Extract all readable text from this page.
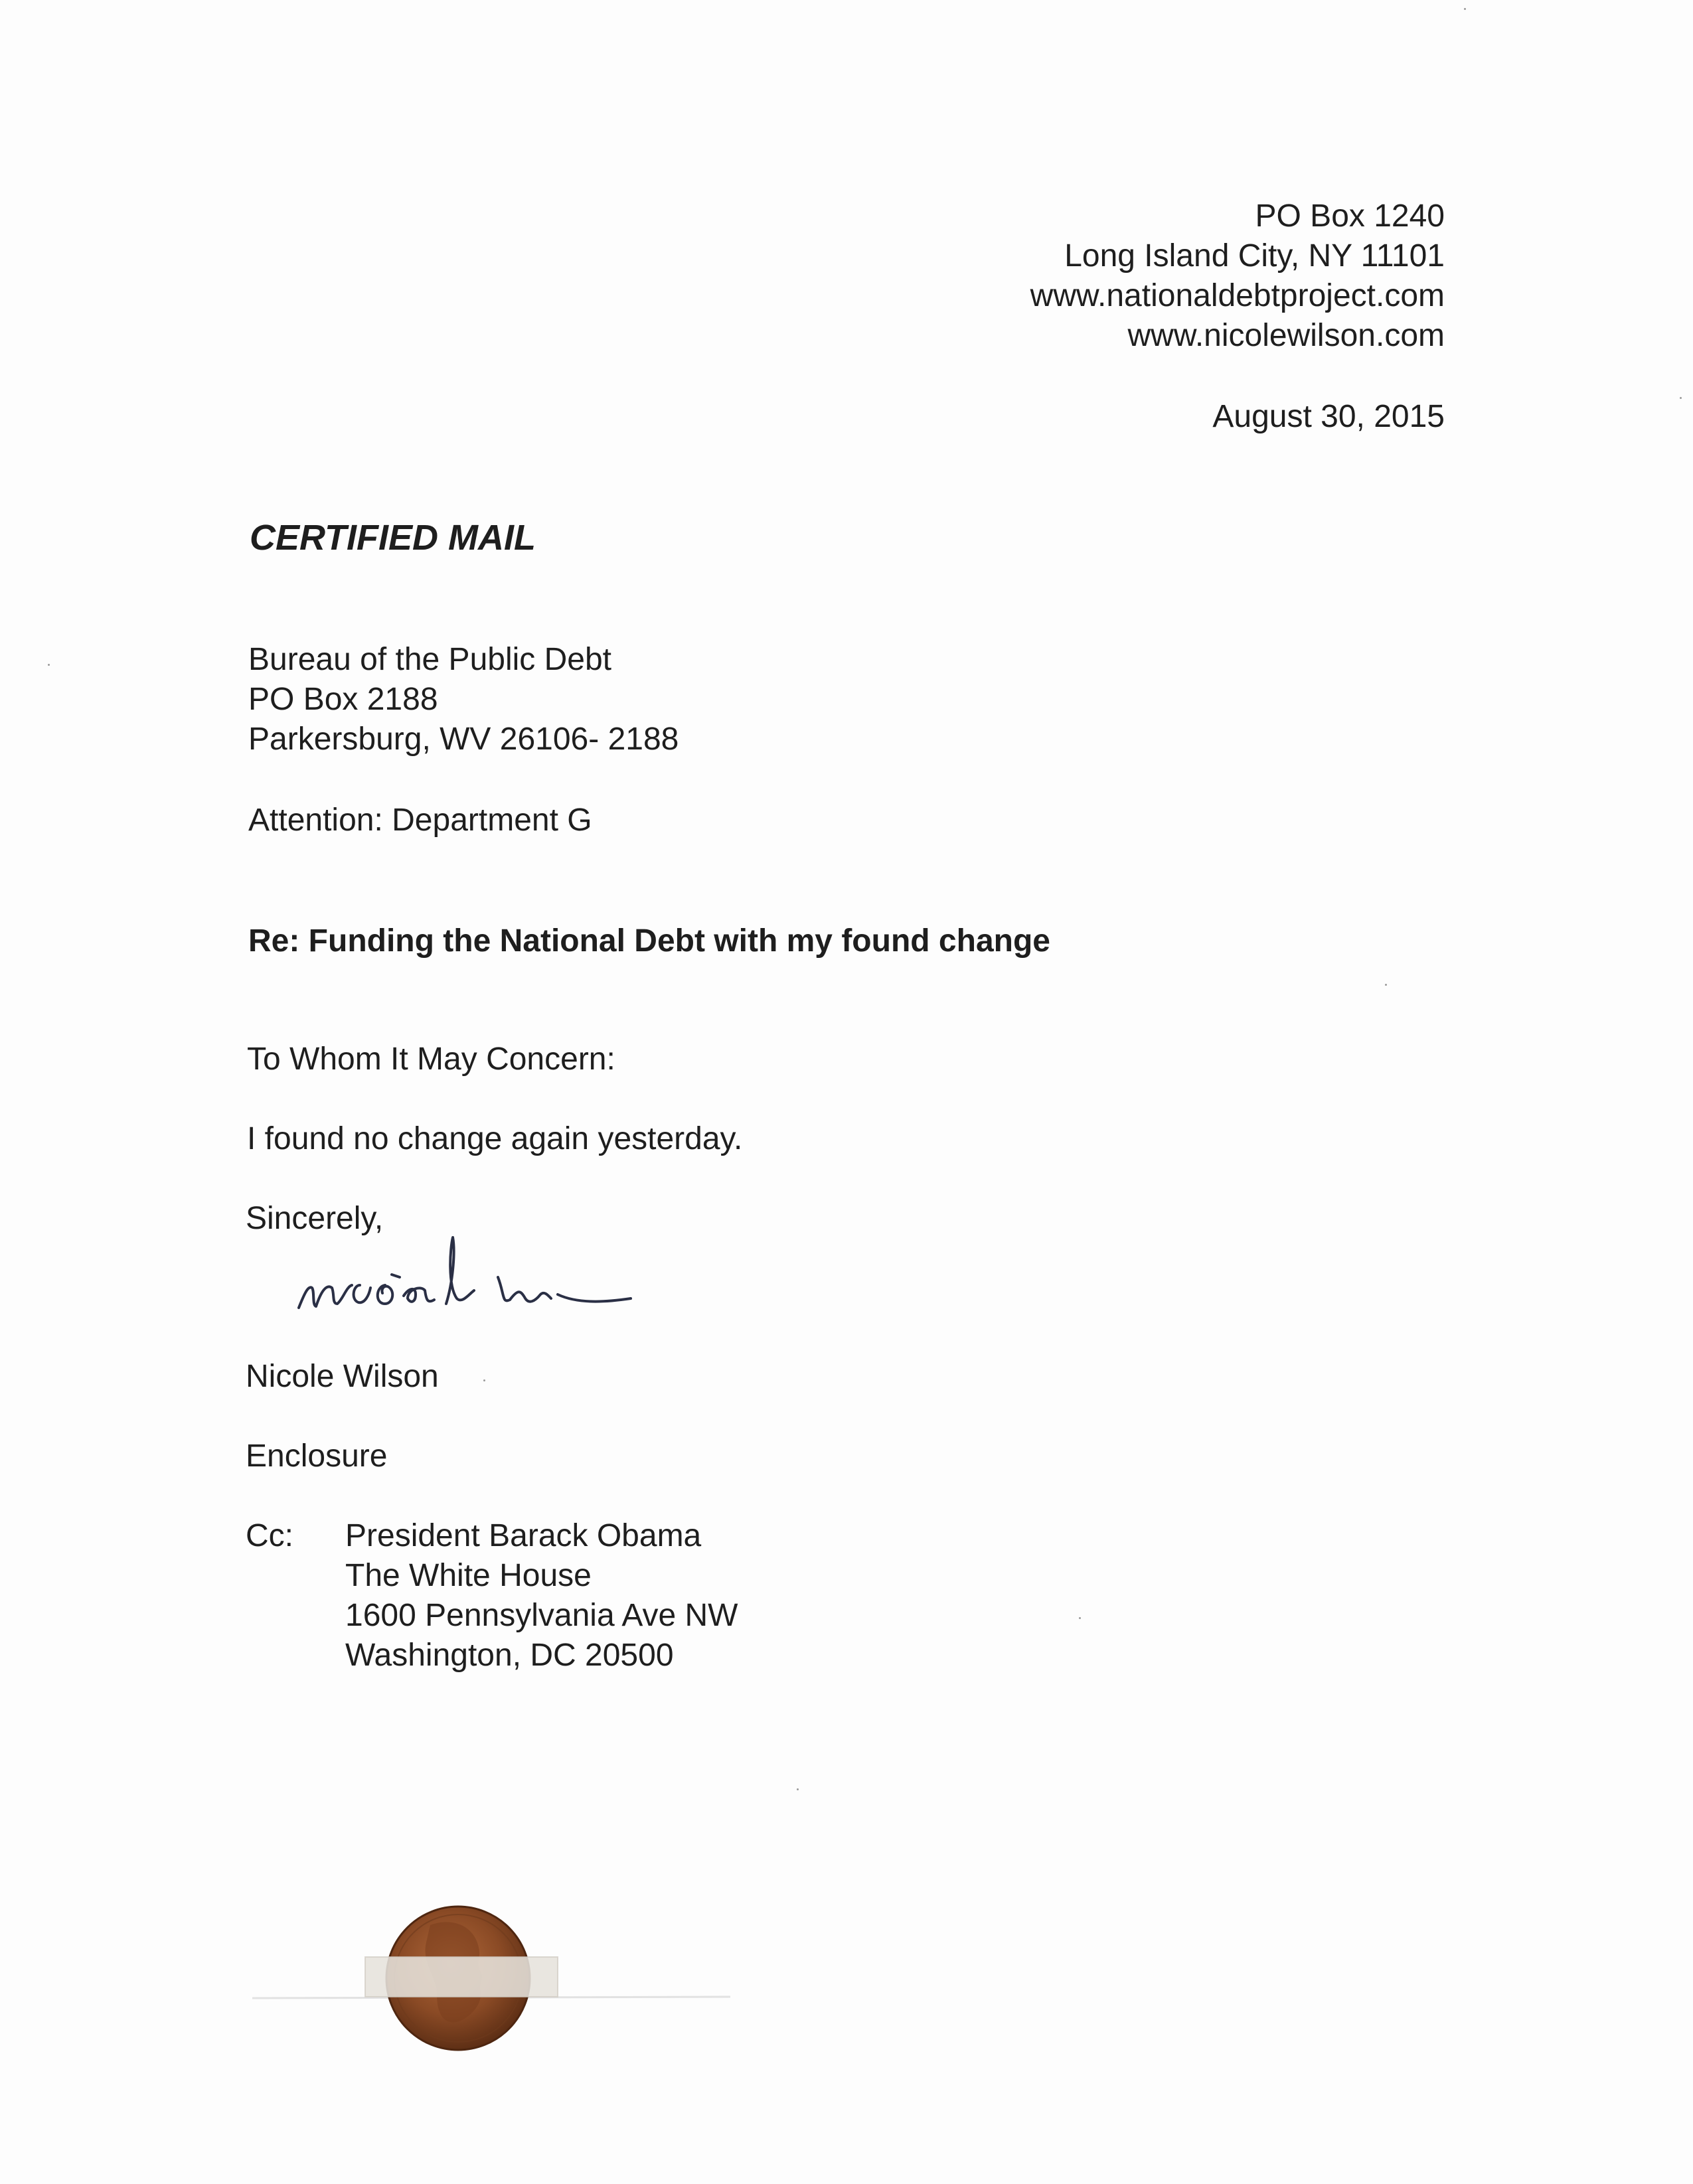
PO Box 1240
Long Island City, NY 11101
www.nationaldebtproject.com
www.nicolewilson.com
August 30, 2015
CERTIFIED MAIL
Bureau of the Public Debt
PO Box 2188
Parkersburg, WV 26106- 2188
Attention: Department G
Re: Funding the National Debt with my found change
To Whom It May Concern:
I found no change again yesterday.
Sincerely,
Nicole Wilson
Enclosure
Cc: President Barack Obama
The White House
1600 Pennsylvania Ave NW
Washington, DC 20500
